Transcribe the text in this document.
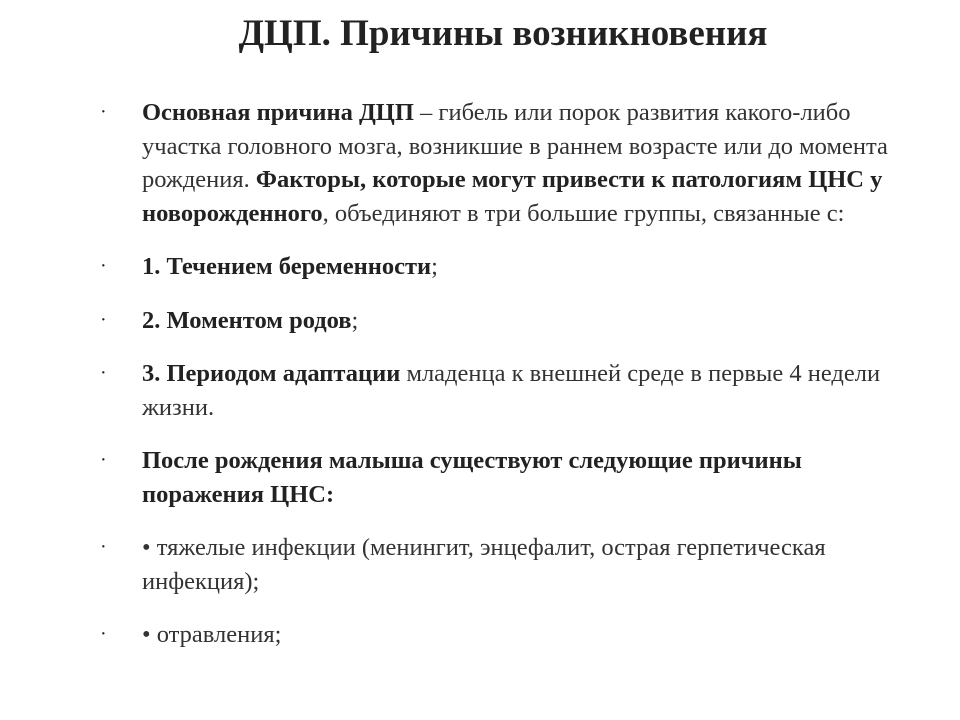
ДЦП. Причины возникновения
· Основная причина ДЦП – гибель или порок развития какого-либо участка головного мозга, возникшие в раннем возрасте или до момента рождения. Факторы, которые могут привести к патологиям ЦНС у новорожденного, объединяют в три большие группы, связанные с:
· 1. Течением беременности;
· 2. Моментом родов;
· 3. Периодом адаптации младенца к внешней среде в первые 4 недели жизни.
· После рождения малыша существуют следующие причины поражения ЦНС:
· • тяжелые инфекции (менингит, энцефалит, острая герпетическая инфекция);
· • отравления;
